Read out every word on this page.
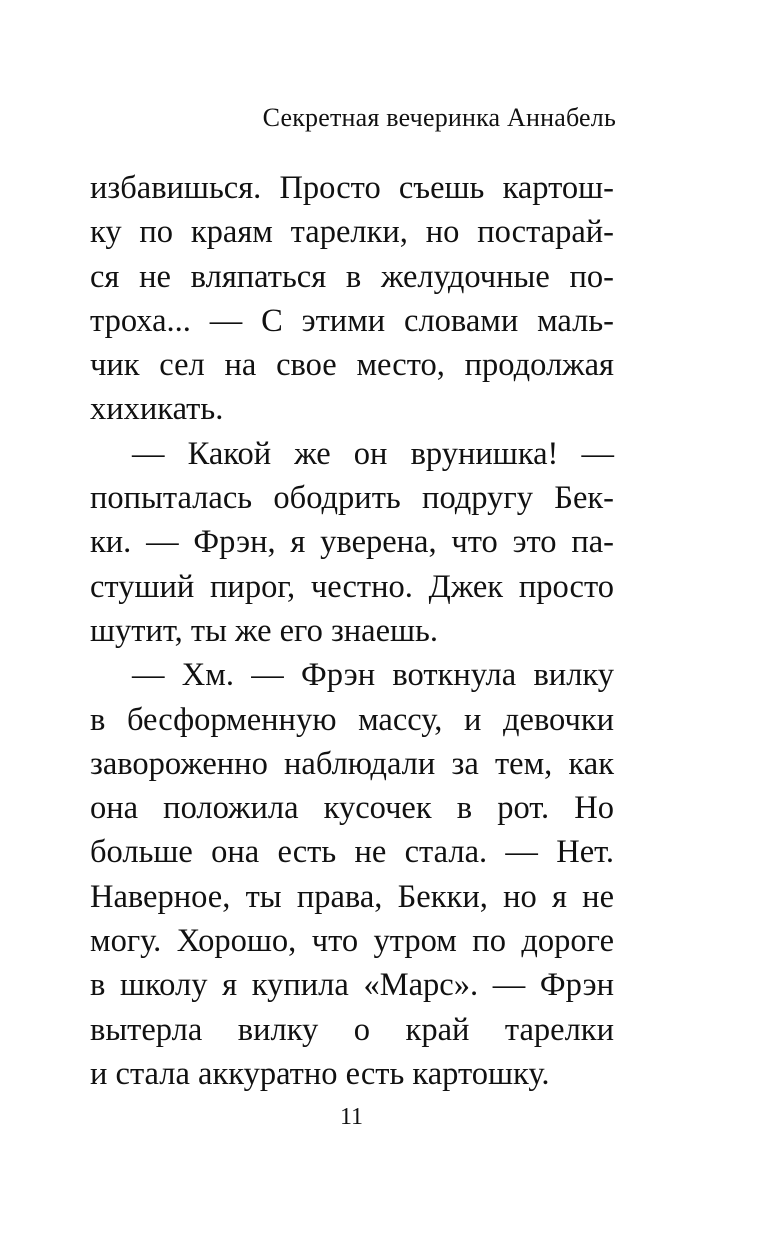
Секретная вечеринка Аннабель

избавишься. Просто съешь картош-
ку по краям тарелки, но постарай-
ся не вляпаться в желудочные по-
троха... — С этими словами маль-
чик сел на свое место, продолжая
хихикать.

— Какой же он врунишка! —
попыталась ободрить подругу Бек-
ки. — Фрэн, я уверена, что это па-
стуший пирог, честно. Джек просто
шутит, ты же его знаешь.

— Хм. — Фрэн воткнула вилку
в бесформенную массу, и девочки
завороженно наблюдали за тем, как
она положила кусочек в рот. Но
больше она есть не стала. — Нет.
Наверное, ты права, Бекки, но я не
могу. Хорошо, что утром по дороге
в школу я купила «Марс». — Фрэн
вытерла вилку о край тарелки
и стала аккуратно есть картошку.

11
